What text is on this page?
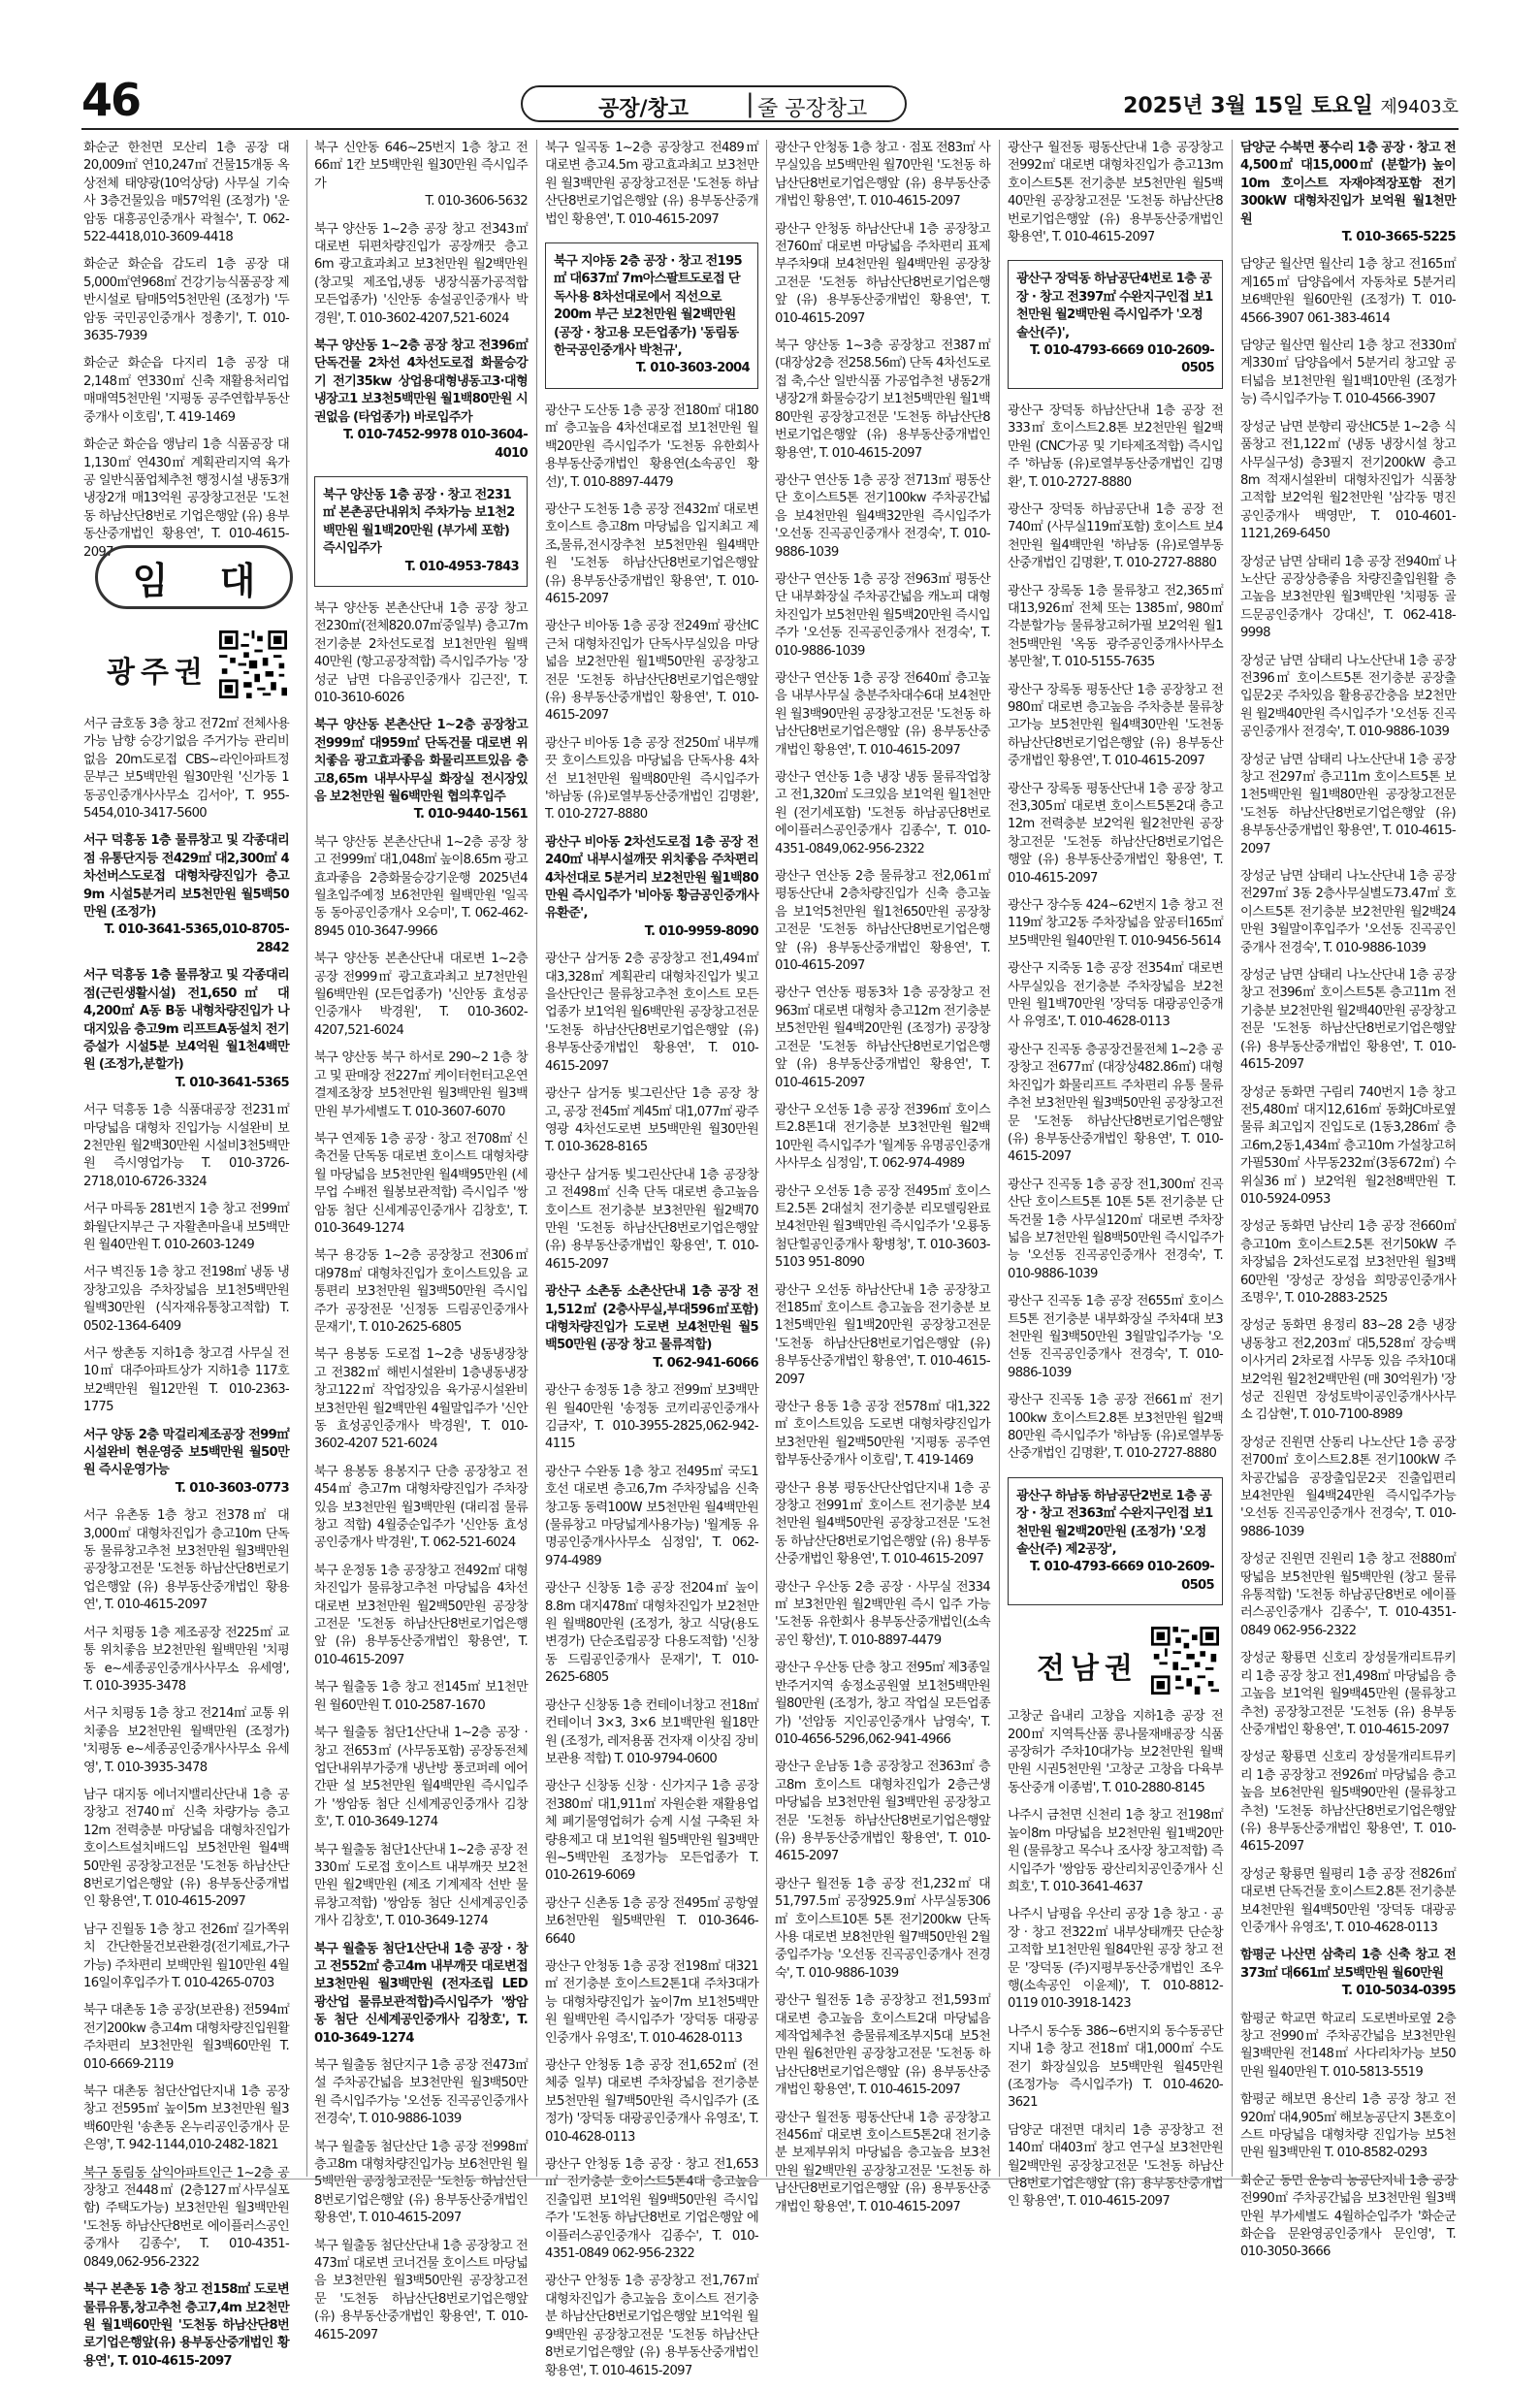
46	공장/창고 | 줄 공장창고	2025년 3월 15일 토요일 제9403호
화순군 한천면 모산리 1층 공장 대20,009㎡ 연10,247㎡ 건물15개동 옥상전체 태양광(10억상당) 사무실 기숙사 3층건물있음 매57억원 (조정가) '운암동 대흥공인중개사 곽철수', T. 062-522-4418,010-3609-4418
화순군 화순읍 감도리 1층 공장 대5,000㎡연968㎡ 건강기능식품공장 제반시설로 탐매5억5천만원 (조정가) '두암동 국민공인중개사 정총기', T. 010-3635-7939
화순군 화순읍 다지리 1층 공장 대2,148㎡ 연330㎡ 신축 재활용처리업 매매역5천만원 '지평동 공주연합부동산중개사 이호림', T. 419-1469
화순군 화순읍 앵남리 1층 식품공장 대1,130㎡ 연430㎡ 계획관리지역 육가공 일반식품업체추천 행정시설 냉동3개 냉장2개 매13억원 공장창고전문 '도천동 하남산단8번로 기업은행앞 (유) 용부동산중개법인 황용연', T. 010-4615-2097
임 대
광주권
서구 금호동 3층 창고 전72㎡ 전체사용가능 남향 승강기없음 주거가능 관리비없음 20m도로접 CBS~라인아파트정문부근 보5백만원 월30만원 '신가동 1동공인중개사사무소 김서아', T. 955-5454,010-3417-5600
서구 덕흥동 1층 물류창고 및 각종대리점 유통단지등 전429㎡ 대2,300㎡ 4차선버스도로접 대형차량진입가 층고9m 시설5분거리 보5천만원 월5백50만원 (조정가)
T. 010-3641-5365,010-8705-2842
서구 덕흥동 1층 물류창고 및 각종대리점(근린생활시설) 전1,650㎡ 대4,200㎡ A동 B동 내형차량진입가 나대지있음 층고9m 리프트A동설치 전기증설가 시설5분 보4억원 월1천4백만원 (조정가,분할가)
T. 010-3641-5365
서구 덕흥동 1층 식품대공장 전231㎡ 마당넓음 대형차 진입가능 시설완비 보2천만원 월2백30만원 시설비3천5백만원 즉시영업가능 T. 010-3726-2718,010-6726-3324
서구 마륵동 281번지 1층 창고 전99㎡ 화월단지부근 구 자활촌마을내 보5백만원 월40만원 T. 010-2603-1249
서구 벽진동 1층 창고 전198㎡ 냉동 냉장창고있음 주차장넓음 보1천5백만원 월백30만원 (식자재유통창고적합) T. 0502-1364-6409
서구 쌍촌동 지하1층 창고겸 사무실 전10㎡ 대주아파트상가 지하1층 117호 보2백만원 월12만원 T. 010-2363-1775
서구 양동 2층 막걸리제조공장 전99㎡ 시설완비 현운영중 보5백만원 월50만원 즉시운영가능
T. 010-3603-0773
서구 유촌동 1층 창고 전378㎡ 대3,000㎡ 대형차진입가 층고10m 단독동 물류창고추천 보3천만원 월3백만원 공장창고전문 '도천동 하남산단8번로기업은행앞 (유) 용부동산중개법인 황용연', T. 010-4615-2097
서구 치평동 1층 제조공장 전225㎡ 교통 위치좋음 보2천만원 월백만원 '치평동 e~세종공인중개사사무소 유세영', T. 010-3935-3478
서구 치평동 1층 창고 전214㎡ 교통 위치좋음 보2천만원 월백만원 (조정가) '치평동 e~세종공인중개사사무소 유세영', T. 010-3935-3478
남구 대지동 에너지밸리산단내 1층 공장창고 전740㎡ 신축 차량가능 층고12m 전력충분 마당넓음 대형차진입가 호이스트설치배드임 보5천만원 월4백50만원 공장창고전문 '도천동 하남산단8번로기업은행앞 (유) 용부동산중개법인 황용연', T. 010-4615-2097
남구 진월동 1층 창고 전26㎡ 길가쪽위치 간단한물건보관환경(전기제료,가구가능) 주차편리 보백만원 월10만원 4월16일이후입주가 T. 010-4265-0703
북구 대촌동 1층 공장(보관용) 전594㎡ 전기200kw 층고4m 대형차량진입원활 주차편리 보3천만원 월3백60만원 T. 010-6669-2119
북구 대촌동 첨단산업단지내 1층 공장창고 전595㎡ 높이5m 보3천만원 월3백60만원 '송촌동 온누리공인중개사 문은영', T. 942-1144,010-2482-1821
북구 동림동 삼익아파트인근 1~2층 공장창고 전448㎡ (2층127㎡사무실포함) 주택도가능) 보3천만원 월3백만원 '도천동 하남산단8번로 에이플러스공인중개사 김종수', T. 010-4351-0849,062-956-2322
북구 본촌동 1층 창고 전158㎡ 도로변 물류유통,창고추천 층고7,4m 보2천만원 월1백60만원 '도천동 하남산단8번로기업은행앞(유) 용부동산중개법인 황용연', T. 010-4615-2097
북구 신안동 646~25번지 1층 창고 전66㎡ 1칸 보5백만원 월30만원 즉시입주가
T. 010-3606-5632
북구 양산동 1~2층 공장 창고 전343㎡ 대로변 뒤편차량진입가 공장깨끗 층고6m 광고효과최고 보3천만원 월2백만원 (창고및 제조업,냉동 냉장식품가공적합 모든업종가) '신안동 송설공인중개사 박경원', T. 010-3602-4207,521-6024
북구 양산동 1~2층 공장 창고 전396㎡ 단독건물 2차선 4차선도로접 화물승강기 전기35kw 상업용대형냉동고3·대형냉장고1 보3천5백만원 월1백80만원 시권없음 (타업종가) 바로입주가
T. 010-7452-9978 010-3604-4010
북구 양산동 1층 공장 · 창고 전231㎡ 본촌공단내위치 주차가능 보1천2백만원 월1백20만원 (부가세 포함) 즉시입주가
T. 010-4953-7843
북구 양산동 본촌산단내 1층 공장 창고 전230㎡(전체820.07㎡중일부) 층고7m 전기충분 2차선도로접 보1천만원 월백40만원 (항고공장적합) 즉시입주가능 '장성군 남면 다음공인중개사 김근진', T. 010-3610-6026
북구 양산동 본촌산단 1~2층 공장창고 전999㎡ 대959㎡ 단독건물 대로변 위치좋음 광고효과좋음 화물리프트있음 층고8,65m 내부사무실 화장실 전시장있음 보2천만원 월6백만원 협의후입주
T. 010-9440-1561
북구 양산동 본촌산단내 1~2층 공장 창고 전999㎡ 대1,048㎡ 높이8.65m 광고효과좋음 2층화물승강기운행 2025년4월초입주예정 보6천만원 월백만원 '일곡동 동아공인중개사 오승미', T. 062-462-8945 010-3647-9966
북구 양산동 본촌산단내 대로변 1~2층 공장 전999㎡ 광고효과최고 보7천만원 월6백만원 (모든업종가) '신안동 효성공인중개사 박경원', T. 010-3602-4207,521-6024
북구 양산동 북구 하서로 290~2 1층 창고 및 판매장 전227㎡ 케이터헌터고온연결제조창장 보5천만원 월3백만원 월3백만원 부가세별도 T. 010-3607-6070
북구 연제동 1층 공장 · 창고 전708㎡ 신축건물 단독동 대로변 호이스트 대형차량 월 마당넓음 보5천만원 월4백95만원 (세무업 수배전 월봉보관적합) 즉시입주 '쌍암동 첨단 신세계공인중개사 김창호', T. 010-3649-1274
북구 용강동 1~2층 공장창고 전306㎡ 대978㎡ 대형차진입가 호이스트있음 교통편리 보3천만원 월3백50만원 즉시입주가 공장전문 '신정동 드림공인중개사 문재기', T. 010-2625-6805
북구 용봉동 도로접 1~2층 냉동냉장창고 전382㎡ 해빈시설완비 1층냉동냉장창고122㎡ 작업장있음 육가공시설완비 보3천만원 월2백만원 4월말입주가 '신안동 효성공인중개사 박경원', T. 010-3602-4207 521-6024
북구 용봉동 용봉지구 단층 공장창고 전454㎡ 층고7m 대형차량진입가 주차장있음 보3천만원 월3백만원 (대리점 물류창고 적합) 4월중순입주가 '신안동 효성공인중개사 박경원', T. 062-521-6024
북구 운정동 1층 공장창고 전492㎡ 대형차진입가 물류창고추천 마당넓음 4차선대로변 보3천만원 월2백50만원 공장창고전문 '도천동 하남산단8번로기업은행앞 (유) 용부동산중개법인 황용연', T. 010-4615-2097
북구 월출동 1층 창고 전145㎡ 보1천만원 월60만원 T. 010-2587-1670
북구 월출동 첨단1산단내 1~2층 공장 · 창고 전653㎡ (사무동포함) 공장동전체업단내위부가중개 냉난방 풍코퍼레 에어간판 설 보5천만원 월4백만원 즉시입주가 '쌍암동 첨단 신세계공인중개사 김창호', T. 010-3649-1274
북구 월출동 첨단1산단내 1~2층 공장 전330㎡ 도로접 호이스트 내부깨끗 보2천만원 월2백만원 (제조 기계제작 선반 물류창고적합) '쌍암동 첨단 신세계공인중개사 김창호', T. 010-3649-1274
북구 월출동 첨단1산단내 1층 공장 · 창고 전552㎡ 층고4m 내부깨끗 대로변접 보3천만원 월3백만원 (전자조립 LED 광산업 물류보관적합)즉시입주가 '쌍암동 첨단 신세계공인중개사 김창호', T. 010-3649-1274
북구 월출동 첨단지구 1층 공장 전473㎡ 설 주차공간넓음 보3천만원 월3백50만원 즉시입주가능 '오선동 진곡공인중개사 전경숙', T. 010-9886-1039
북구 월출동 첨단산단 1층 공장 전998㎡ 층고8m 대형차량진입가능 보6천만원 월5백만원 공장창고전문 '도천동 하남산단8번로기업은행앞 (유) 용부동산중개법인 황용연', T. 010-4615-2097
북구 월출동 첨단산단내 1층 공장창고 전473㎡ 대로변 코너건물 호이스트 마당넓음 보3천만원 월3백50만원 공장창고전문 '도천동 하남산단8번로기업은행앞 (유) 용부동산중개법인 황용연', T. 010-4615-2097
북구 일곡동 1~2층 공장창고 전489㎡ 대로변 층고4.5m 광고효과최고 보3천만원 월3백만원 공장창고전문 '도천동 하남산단8번로기업은행앞 (유) 용부동산중개법인 황용연', T. 010-4615-2097
북구 지야동 2층 공장 · 창고 전195㎡ 대637㎡ 7m아스팔트도로접 단독사용 8차선대로에서 직선으로 200m 부근 보2천만원 월2백만원 (공장 · 창고용 모든업종가) '동림동 한국공인중개사 박천규',
T. 010-3603-2004
광산구 도산동 1층 공장 전180㎡ 대180㎡ 층고높음 4차선대로접 보1천만원 월백20만원 즉시입주가 '도천동 유한회사 용부동산중개법인 황용연(소속공인 황선)', T. 010-8897-4479
광산구 도천동 1층 공장 전432㎡ 대로변 호이스트 층고8m 마당넓음 입지최고 제조,물류,전시장추천 보5천만원 월4백만원 '도천동 하남산단8번로기업은행앞 (유) 용부동산중개법인 황용연', T. 010-4615-2097
광산구 비아동 1층 공장 전249㎡ 광산IC근처 대형차진입가 단독사무실있음 마당넓음 보2천만원 월1백50만원 공장창고전문 '도천동 하남산단8번로기업은행앞 (유) 용부동산중개법인 황용연', T. 010-4615-2097
광산구 비아동 1층 공장 전250㎡ 내부깨끗 호이스트있음 마당넓음 단독사용 4차선 보1천만원 월백80만원 즉시입주가 '하남동 (유)로열부동산중개법인 김명환', T. 010-2727-8880
광산구 비아동 2차선도로접 1층 공장 전240㎡ 내부시설깨끗 위치좋음 주차편리 4차선대로 5분거리 보2천만원 월1백80만원 즉시입주가 '비아동 황금공인중개사 유환준',
T. 010-9959-8090
광산구 삼거동 2층 공장창고 전1,494㎡ 대3,328㎡ 계획관리 대형차진입가 빛고을산단인근 물류창고추천 호이스트 모든업종가 보1억원 월6백만원 공장창고전문 '도천동 하남산단8번로기업은행앞 (유) 용부동산중개법인 황용연', T. 010-4615-2097
광산구 삼거동 빛그린산단 1층 공장 창고, 공장 전45㎡ 계45㎡ 대1,077㎡ 광주영광 4차선도로변 보5백만원 월30만원 T. 010-3628-8165
광산구 삼거동 빛그린산단내 1층 공장창고 전498㎡ 신축 단독 대로변 층고높음 호이스트 전기충분 보3천만원 월2백70만원 '도천동 하남산단8번로기업은행앞 (유) 용부동산중개법인 황용연', T. 010-4615-2097
광산구 소촌동 소촌산단내 1층 공장 전1,512㎡ (2층사무실,부대596㎡포함) 대형차량진입가 도로변 보4천만원 월5백50만원 (공장 창고 물류적합)
T. 062-941-6066
광산구 송정동 1층 창고 전99㎡ 보3백만원 월40만원 '송정동 코끼리공인중개사 김금자', T. 010-3955-2825,062-942-4115
광산구 수완동 1층 창고 전495㎡ 국도1호선 대로변 층고6,7m 주차장넓음 신축 창고동 동력100W 보5천만원 월4백만원 (물류창고 마당넓게사용가능) '월계동 유명공인중개사사무소 심정임', T. 062-974-4989
광산구 신창동 1층 공장 전204㎡ 높이8.8m 대지478㎡ 대형차진입가 보2천만원 월백80만원 (조정가, 창고 식당(용도변경가) 단순조립공장 다용도적합) '신창동 드림공인중개사 문재기', T. 010-2625-6805
광산구 신창동 1층 컨테이너창고 전18㎡ 컨테이너 3×3, 3×6 보1백만원 월18만원 (조정가, 레저용품 건자재 이삿짐 장비보관용 적합) T. 010-9794-0600
광산구 신창동 신창 · 신가지구 1층 공장 전380㎡ 대1,911㎡ 자원순환 재활용업체 폐기물영업허가 승계 시설 구축된 차량용제고 대 보1억원 월5백만원 월3백만원~5백만원 조정가능 모든업종가 T. 010-2619-6069
광산구 신촌동 1층 공장 전495㎡ 공항옆 보6천만원 월5백만원 T. 010-3646-6640
광산구 안청동 1층 공장 전198㎡ 대321㎡ 전기충분 호이스트2톤1대 주차3대가능 대형차량진입가 높이7m 보1천5백만원 월백만원 즉시입주가 '장덕동 대광공인중개사 유영조', T. 010-4628-0113
광산구 안청동 1층 공장 전1,652㎡ (전체중 일부) 대로변 주차장넓음 전기충분 보5천만원 월7백50만원 즉시입주가 (조정가) '장덕동 대광공인중개사 유영조', T. 010-4628-0113
광산구 안청동 1층 공장 · 창고 전1,653㎡ 전기충분 호이스트5톤4대 층고높음 진출입편 보1억원 월9백50만원 즉시입주가 '도천동 하남단8번로 기업은행앞 에이플러스공인중개사 김종수', T. 010-4351-0849 062-956-2322
광산구 안청동 1층 공장창고 전1,767㎡ 대형차진입가 층고높음 호이스트 전기충분 하남산단8번로기업은행앞 보1억원 월9백만원 공장창고전문 '도천동 하남산단8번로기업은행앞 (유) 용부동산중개법인 황용연', T. 010-4615-2097
광산구 안청동 1층 창고 · 점포 전83㎡ 사무실있음 보5백만원 월70만원 '도천동 하남산단8번로기업은행앞 (유) 용부동산중개법인 황용연', T. 010-4615-2097
광산구 안청동 하남산단내 1층 공장창고 전760㎡ 대로변 마당넓음 주차편리 표제부주차9대 보4천만원 월4백만원 공장창고전문 '도천동 하남산단8번로기업은행앞 (유) 용부동산중개법인 황용연', T. 010-4615-2097
북구 양산동 1~3층 공장창고 전387㎡ (대장상2층 전258.56㎡) 단독 4차선도로접 축,수산 일반식품 가공업추천 냉동2개 냉장2개 화물승강기 보1천5백만원 월1백80만원 공장창고전문 '도천동 하남산단8번로기업은행앞 (유) 용부동산중개법인 황용연', T. 010-4615-2097
광산구 연산동 1층 공장 전713㎡ 평동산단 호이스트5톤 전기100kw 주차공간넓음 보4천만원 월4백32만원 즉시입주가 '오선동 진곡공인중개사 전경숙', T. 010-9886-1039
광산구 연산동 1층 공장 전963㎡ 평동산단 내부화장실 주차공간넓음 캐노피 대형차진입가 보5천만원 월5백20만원 즉시입주가 '오선동 진곡공인중개사 전경숙', T. 010-9886-1039
광산구 연산동 1층 공장 전640㎡ 층고높음 내부사무실 충분주차대수6대 보4천만원 월3백90만원 공장창고전문 '도천동 하남산단8번로기업은행앞 (유) 용부동산중개법인 황용연', T. 010-4615-2097
광산구 연산동 1층 냉장 냉동 물류작업창고 전1,320㎡ 도크있음 보1억원 월1천만원 (전기세포함) '도천동 하남공단8번로 에이플러스공인중개사 김종수', T. 010-4351-0849,062-956-2322
광산구 연산동 2층 물류창고 전2,061㎡ 평동산단내 2층차량진입가 신축 층고높음 보1억5천만원 월1천650만원 공장창고전문 '도천동 하남산단8번로기업은행앞 (유) 용부동산중개법인 황용연', T. 010-4615-2097
광산구 연산동 평동3차 1층 공장창고 전963㎡ 대로변 대형차 층고12m 전기충분 보5천만원 월4백20만원 (조정가) 공장창고전문 '도천동 하남산단8번로기업은행앞 (유) 용부동산중개법인 황용연', T. 010-4615-2097
광산구 오선동 1층 공장 전396㎡ 호이스트2.8톤1대 전기충분 보3천만원 월2백10만원 즉시입주가 '월계동 유명공인중개사사무소 심정임', T. 062-974-4989
광산구 오선동 1층 공장 전495㎡ 호이스트2.5톤 2대설치 전기충분 리모델링완료 보4천만원 월3백만원 즉시입주가 '오룡동 첨단힐공인중개사 황병청', T. 010-3603-5103 951-8090
광산구 오선동 하남산단내 1층 공장창고 전185㎡ 호이스트 층고높음 전기충분 보1천5백만원 월1백20만원 공장창고전문 '도천동 하남산단8번로기업은행앞 (유) 용부동산중개법인 황용연', T. 010-4615-2097
광산구 용동 1층 공장 전578㎡ 대1,322㎡ 호이스트있음 도로변 대형차량진입가 보3천만원 월2백50만원 '지평동 공주연합부동산중개사 이호림', T. 419-1469
광산구 용봉 평동산단산업단지내 1층 공장창고 전991㎡ 호이스트 전기충분 보4천만원 월4백50만원 공장창고전문 '도천동 하남산단8번로기업은행앞 (유) 용부동산중개법인 황용연', T. 010-4615-2097
광산구 우산동 2층 공장 · 사무실 전334㎡ 보3천만원 월2백만원 즉시 입주 가능 '도천동 유한회사 용부동산중개법인(소속공인 황선)', T. 010-8897-4479
광산구 우산동 단층 창고 전95㎡ 제3종일반주거지역 송정소공원옆 보1천5백만원 월80만원 (조정가, 창고 작업실 모든업종가) '선암동 지인공인중개사 남영숙', T. 010-4656-5296,062-941-4966
광산구 운남동 1층 공장창고 전363㎡ 층고8m 호이스트 대형차진입가 2층근생 마당넓음 보3천만원 월3백만원 공장창고전문 '도천동 하남산단8번로기업은행앞 (유) 용부동산중개법인 황용연', T. 010-4615-2097
광산구 월전동 1층 공장 전1,232㎡ 대51,797.5㎡ 공장925.9㎡ 사무실동306㎡ 호이스트10톤 5톤 전기200kw 단독사용 대로변 보8천만원 월7백50만원 2월중입주가능 '오선동 진곡공인중개사 전경숙', T. 010-9886-1039
광산구 월전동 1층 공장창고 전1,593㎡ 대로변 층고높음 호이스트2대 마당넓음 제작업체추천 층물류제조부지5대 보5천만원 월6천만원 공장창고전문 '도천동 하남산단8번로기업은행앞 (유) 용부동산중개법인 황용연', T. 010-4615-2097
광산구 월전동 평동산단내 1층 공장창고 전456㎡ 대로변 호이스트5톤2대 전기충분 보제부위치 마당넓음 층고높음 보3천만원 월2백만원 공장창고전문 '도천동 하남산단8번로기업은행앞 (유) 용부동산중개법인 황용연', T. 010-4615-2097
광산구 월전동 평동산단내 1층 공장창고 전992㎡ 대로변 대형차진입가 층고13m 호이스트5톤 전기충분 보5천만원 월5백40만원 공장창고전문 '도천동 하남산단8번로기업은행앞 (유) 용부동산중개법인 황용연', T. 010-4615-2097
광산구 장덕동 하남공단4번로 1층 공장 · 창고 전397㎡ 수완지구인접 보1천만원 월2백만원 즉시입주가 '오정솔산(주)',
T. 010-4793-6669 010-2609-0505
광산구 장덕동 하남산단내 1층 공장 전333㎡ 호이스트2.8톤 보2천만원 월2백만원 (CNC가공 및 기타제조적합) 즉시입주 '하남동 (유)로열부동산중개법인 김명환', T. 010-2727-8880
광산구 장덕동 하남공단내 1층 공장 전740㎡ (사무실119㎡포함) 호이스트 보4천만원 월4백만원 '하남동 (유)로열부동산중개법인 김명환', T. 010-2727-8880
광산구 장록동 1층 물류창고 전2,365㎡ 대13,926㎡ 전체 또는 1385㎡, 980㎡ 각분할가능 물류창고허가필 보2억원 월1천5백만원 '옥동 광주공인중개사사무소 봉만철', T. 010-5155-7635
광산구 장록동 평동산단 1층 공장창고 전980㎡ 대로변 층고높음 주차충분 물류창고가능 보5천만원 월4백30만원 '도천동 하남산단8번로기업은행앞 (유) 용부동산중개법인 황용연', T. 010-4615-2097
광산구 장록동 평동산단내 1층 공장 창고 전3,305㎡ 대로변 호이스트5톤2대 층고12m 전력충분 보2억원 월2천만원 공장창고전문 '도천동 하남산단8번로기업은행앞 (유) 용부동산중개법인 황용연', T. 010-4615-2097
광산구 장수동 424~62번지 1층 창고 전119㎡ 창고2동 주차장넓음 앞공터165㎡ 보5백만원 월40만원 T. 010-9456-5614
광산구 지죽동 1층 공장 전354㎡ 대로변 사무실있음 전기충분 주차장넓음 보2천만원 월1백70만원 '장덕동 대광공인중개사 유영조', T. 010-4628-0113
광산구 진곡동 층공장건물전체 1~2층 공장창고 전677㎡ (대장상482.86㎡) 대형차진입가 화물리프트 주차편리 유통 물류추천 보3천만원 월3백50만원 공장창고전문 '도천동 하남산단8번로기업은행앞 (유) 용부동산중개법인 황용연', T. 010-4615-2097
광산구 진곡동 1층 공장 전1,300㎡ 진곡산단 호이스트5톤 10톤 5톤 전기충분 단독건물 1층 사무실120㎡ 대로변 주차장넓음 보7천만원 월8백50만원 즉시입주가능 '오선동 진곡공인중개사 전경숙', T. 010-9886-1039
광산구 진곡동 1층 공장 전655㎡ 호이스트5톤 전기충분 내부화장실 주차4대 보3천만원 월3백50만원 3월말입주가능 '오선동 진곡공인중개사 전경숙', T. 010-9886-1039
광산구 진곡동 1층 공장 전661㎡ 전기100kw 호이스트2.8톤 보3천만원 월2백80만원 즉시입주가 '하남동 (유)로열부동산중개법인 김명환', T. 010-2727-8880
광산구 하남동 하남공단2번로 1층 공장 · 창고 전363㎡ 수완지구인접 보1천만원 월2백20만원 (조정가) '오정솔산(주) 제2공장',
T. 010-4793-6669 010-2609-0505
전남권
고창군 읍내리 고창읍 지하1층 공장 전200㎡ 지역특산품 콩나물재배공장 식품공장허가 주차10대가능 보2천만원 월백만원 시권5천만원 '고창군 고창읍 다육부동산중개 이종범', T. 010-2880-8145
나주시 금천면 신천리 1층 창고 전198㎡ 높이8m 마당넓음 보2천만원 월1백20만원 (물류창고 목수나 조사장 창고적합) 즉시입주가 '쌍암동 광산리치공인중개사 신희호', T. 010-3641-4637
나주시 남평읍 우산리 공장 1층 창고 · 공장 · 창고 전322㎡ 내부상태깨끗 단순창고적합 보1천만원 월84만원 공장 창고 전문 '장덕동 (주)지평부동산중개법인 조우행(소속공인 이윤제)', T. 010-8812-0119 010-3918-1423
나주시 동수동 386~6번지외 동수동공단지내 1층 창고 전18㎡ 대1,000㎡ 수도 전기 화장실있음 보5백만원 월45만원 (조정가능 즉시입주가) T. 010-4620-3621
담양군 대전면 대치리 1층 공장창고 전140㎡ 대403㎡ 창고 연구실 보3천만원 월2백만원 공장창고전문 '도천동 하남산단8번로기업은행앞 (유) 용부동산중개법인 황용연', T. 010-4615-2097
담양군 수북면 풍수리 1층 공장 · 창고 전4,500㎡ 대15,000㎡ (분할가) 높이10m 호이스트 자재야적장포함 전기300kW 대형차진입가 보억원 월1천만원
T. 010-3665-5225
담양군 월산면 월산리 1층 창고 전165㎡ 계165㎡ 담양읍에서 자동차로 5분거리 보6백만원 월60만원 (조정가) T. 010-4566-3907 061-383-4614
담양군 월산면 월산리 1층 창고 전330㎡ 계330㎡ 담양읍에서 5분거리 창고앞 공터넓음 보1천만원 월1백10만원 (조정가능) 즉시입주가능 T. 010-4566-3907
장성군 남면 분향리 광산IC5분 1~2층 식품창고 전1,122㎡ (냉동 냉장시설 창고 사무실구성) 층3필지 전기200kW 층고8m 적재시설완비 대형차진입가 식품창고적합 보2억원 월2천만원 '삼각동 명진공인중개사 백영만', T. 010-4601-1121,269-6450
장성군 남면 삼태리 1층 공장 전940㎡ 나노산단 공장상층좋음 차량진출입원활 층고높음 보3천만원 월3백만원 '치평동 골드문공인중개사 강대신', T. 062-418-9998
장성군 남면 삼태리 나노산단내 1층 공장 전396㎡ 호이스트5톤 전기충분 공장출입문2곳 주차있음 활용공간충음 보2천만원 월2백40만원 즉시입주가 '오선동 진곡공인중개사 전경숙', T. 010-9886-1039
장성군 남면 삼태리 나노산단내 1층 공장창고 전297㎡ 층고11m 호이스트5톤 보1천5백만원 월1백80만원 공장창고전문 '도천동 하남산단8번로기업은행앞 (유) 용부동산중개법인 황용연', T. 010-4615-2097
장성군 남면 삼태리 나노산단내 1층 공장 전297㎡ 3동 2층사무실별도73.47㎡ 호이스트5톤 전기충분 보2천만원 월2백24만원 3월말이후입주가 '오선동 진곡공인중개사 전경숙', T. 010-9886-1039
장성군 남면 삼태리 나노산단내 1층 공장창고 전396㎡ 호이스트5톤 층고11m 전기충분 보2천만원 월2백40만원 공장창고전문 '도천동 하남산단8번로기업은행앞 (유) 용부동산중개법인 황용연', T. 010-4615-2097
장성군 동화면 구림리 740번지 1층 창고 전5,480㎡ 대지12,616㎡ 동화JC바로옆 물류 최고입지 진입도로 (1동3,286㎡ 층고6m,2동1,434㎡ 층고10m 가설창고허가필530㎡ 사무동232㎡(3동672㎡) 수위실36㎡) 보2억원 월2천8백만원 T. 010-5924-0953
장성군 동화면 남산리 1층 공장 전660㎡ 층고10m 호이스트2.5톤 전기50kW 주차장넓음 2차선도로접 보3천만원 월3백60만원 '장성군 장성읍 희망공인중개사 조명우', T. 010-2883-2525
장성군 동화면 용정리 83~28 2층 냉장냉동창고 전2,203㎡ 대5,528㎡ 장승백이사거리 2차로접 사무동 있음 주차10대 보2억원 월2천2백만원 (매 30억원가) '장성군 진원면 장성토박이공인중개사사무소 김삼현', T. 010-7100-8989
장성군 진원면 산동리 나노산단 1층 공장 전700㎡ 호이스트2.8톤 전기100kW 주차공간넓음 공장출입문2곳 진출입편리 보4천만원 월4백24만원 즉시입주가능 '오선동 진곡공인중개사 전경숙', T. 010-9886-1039
장성군 진원면 진원리 1층 창고 전880㎡ 땅넓음 보5천만원 월5백만원 (창고 물류 유통적합) '도천동 하남공단8번로 에이플러스공인중개사 김종수', T. 010-4351-0849 062-956-2322
장성군 황룡면 신호리 장성물개리트뮤키리 1층 공장 창고 전1,498㎡ 마당넓음 층고높음 보1억원 월9백45만원 (물류창고추천) 공장창고전문 '도천동 (유) 용부동산중개법인 황용연', T. 010-4615-2097
장성군 황룡면 신호리 장성물개리트뮤키리 1층 공장창고 전926㎡ 마당넓음 층고높음 보6천만원 월5백90만원 (물류창고추천) '도천동 하남산단8번로기업은행앞 (유) 용부동산중개법인 황용연', T. 010-4615-2097
장성군 황룡면 월평리 1층 공장 전826㎡ 대로변 단독건물 호이스트2.8톤 전기충분 보4천만원 월4백50만원 '장덕동 대광공인중개사 유영조', T. 010-4628-0113
함평군 나산면 삼축리 1층 신축 창고 전373㎡ 대661㎡ 보5백만원 월60만원
T. 010-5034-0395
함평군 학교면 학교리 도로변바로옆 2층 창고 전990㎡ 주차공간넓음 보3천만원 월3백만원 전148㎡ 사다리차가능 보50만원 월40만원 T. 010-5813-5519
함평군 해보면 용산리 1층 공장 창고 전920㎡ 대4,905㎡ 해보농공단지 3톤호이스트 마당넓음 대형차량 진입가능 보5천만원 월3백만원 T. 010-8582-0293
화순군 동면 운농리 농공단지내 1층 공장 전990㎡ 주차공간넓음 보3천만원 월3백만원 부가세별도 4월하순입주가 '화순군 화순읍 문완영공인중개사 문인영', T. 010-3050-3666
